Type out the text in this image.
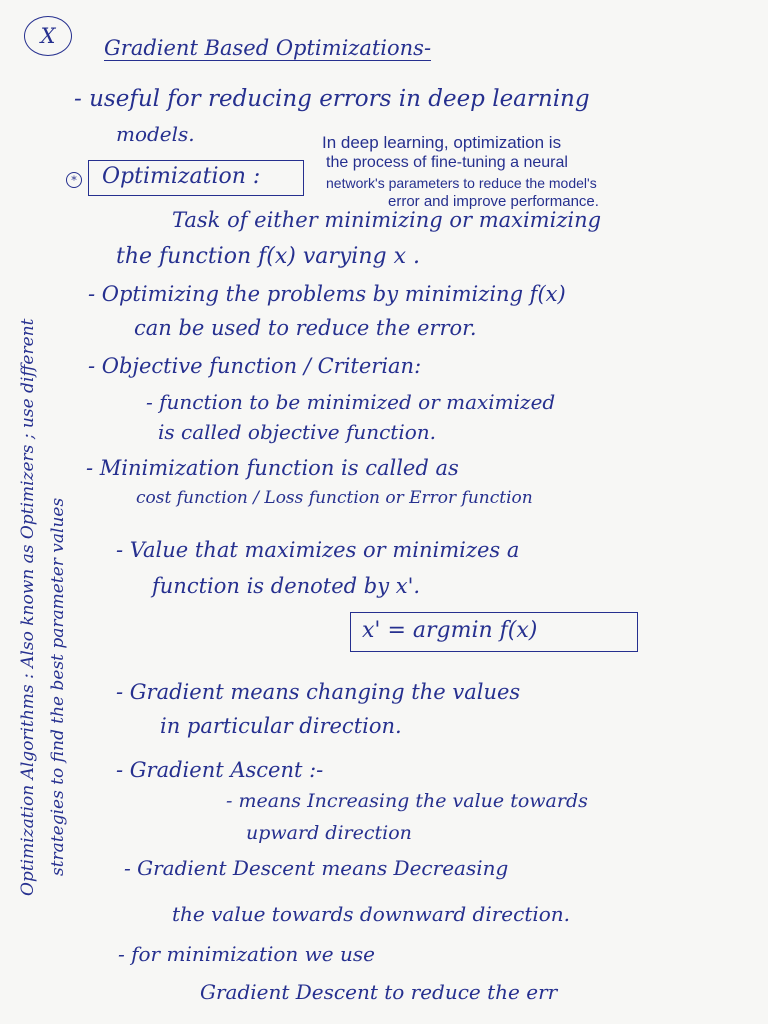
X Gradient Based Optimizations-
Optimization Algorithms : Also known as Optimizers ; use different strategies to find the best parameter values
- useful for reducing errors in deep learning
models.
* Optimization :
In deep learning, optimization is
the process of fine-tuning a neural
network's parameters to reduce the model's
error and improve performance.
Task of either minimizing or maximizing
the function f(x) varying x .
- Optimizing the problems by minimizing f(x)
can be used to reduce the error.
- Objective function / Criterian:
- function to be minimized or maximized
is called objective function.
- Minimization function is called as
cost function / Loss function or Error function
- Value that maximizes or minimizes a
function is denoted by x'.
x' = argmin f(x)
- Gradient means changing the values
in particular direction.
- Gradient Ascent :-
- means Increasing the value towards
upward direction
- Gradient Descent means Decreasing
the value towards downward direction.
- for minimization we use
Gradient Descent to reduce the err
